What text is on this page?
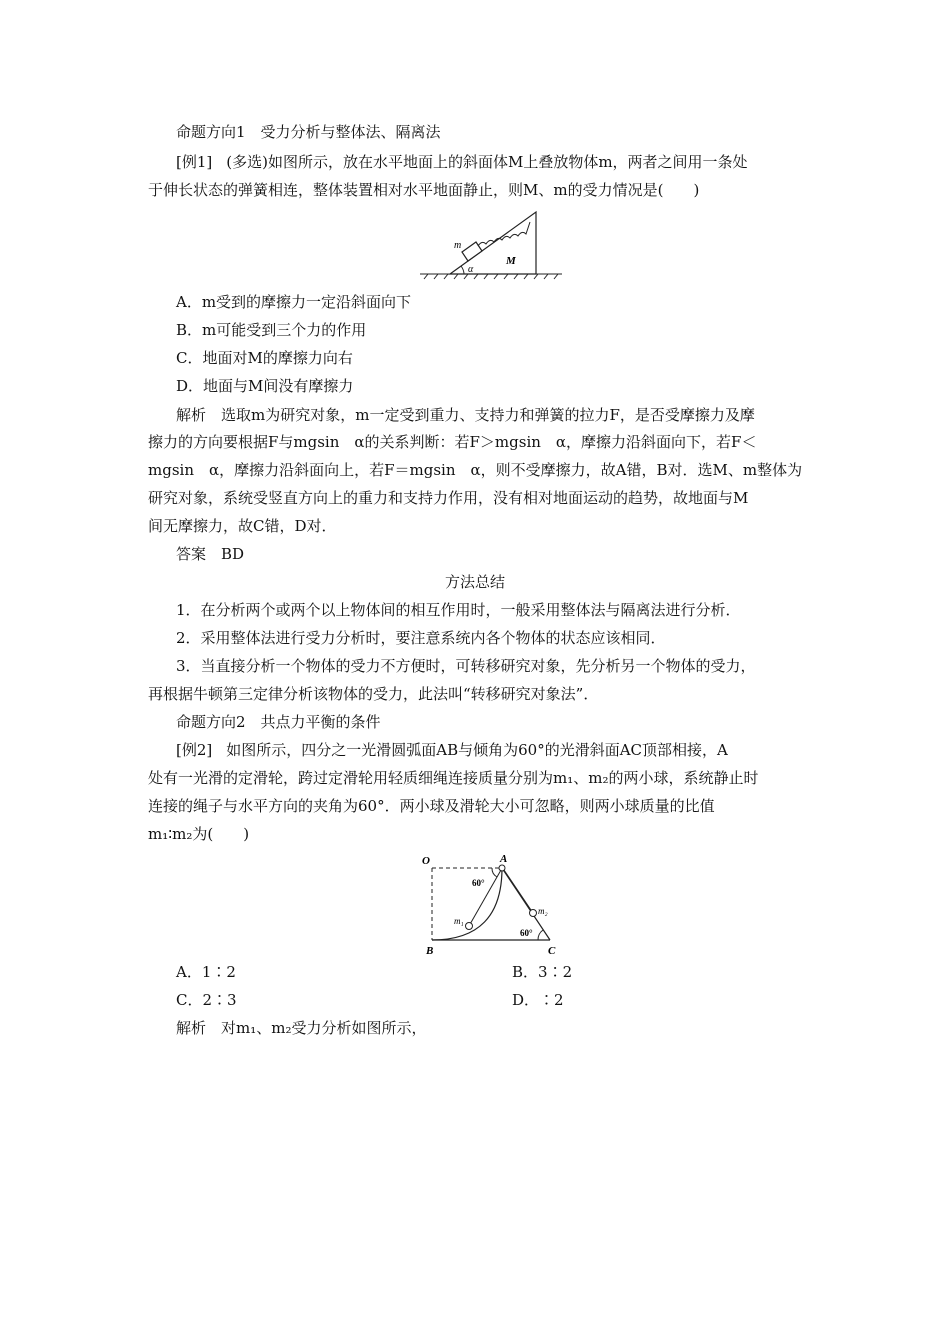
命题方向1　受力分析与整体法、隔离法
[例1] (多选)如图所示，放在水平地面上的斜面体M上叠放物体m，两者之间用一条处
于伸长状态的弹簧相连，整体装置相对水平地面静止，则M、m的受力情况是(　　)
m
M
α
A．m受到的摩擦力一定沿斜面向下
B．m可能受到三个力的作用
C．地面对M的摩擦力向右
D．地面与M间没有摩擦力
解析　选取m为研究对象，m一定受到重力、支持力和弹簧的拉力F，是否受摩擦力及摩
擦力的方向要根据F与mgsin　α的关系判断：若F＞mgsin　α，摩擦力沿斜面向下，若F＜
mgsin　α，摩擦力沿斜面向上，若F＝mgsin　α，则不受摩擦力，故A错，B对．选M、m整体为
研究对象，系统受竖直方向上的重力和支持力作用，没有相对地面运动的趋势，故地面与M
间无摩擦力，故C错，D对．
答案　BD
方法总结
1．在分析两个或两个以上物体间的相互作用时，一般采用整体法与隔离法进行分析．
2．采用整体法进行受力分析时，要注意系统内各个物体的状态应该相同．
3．当直接分析一个物体的受力不方便时，可转移研究对象，先分析另一个物体的受力，
再根据牛顿第三定律分析该物体的受力，此法叫“转移研究对象法”．
命题方向2　共点力平衡的条件
[例2] 如图所示，四分之一光滑圆弧面AB与倾角为60°的光滑斜面AC顶部相接，A
处有一光滑的定滑轮，跨过定滑轮用轻质细绳连接质量分别为m₁、m₂的两小球，系统静止时
连接的绳子与水平方向的夹角为60°．两小球及滑轮大小可忽略，则两小球质量的比值
m₁∶m₂为(　　)
O	A
B	C
m₁
m₂
60°
60°
A．1∶2	B．3∶2
C．2∶3	D．∶2
解析　对m₁、m₂受力分析如图所示，
